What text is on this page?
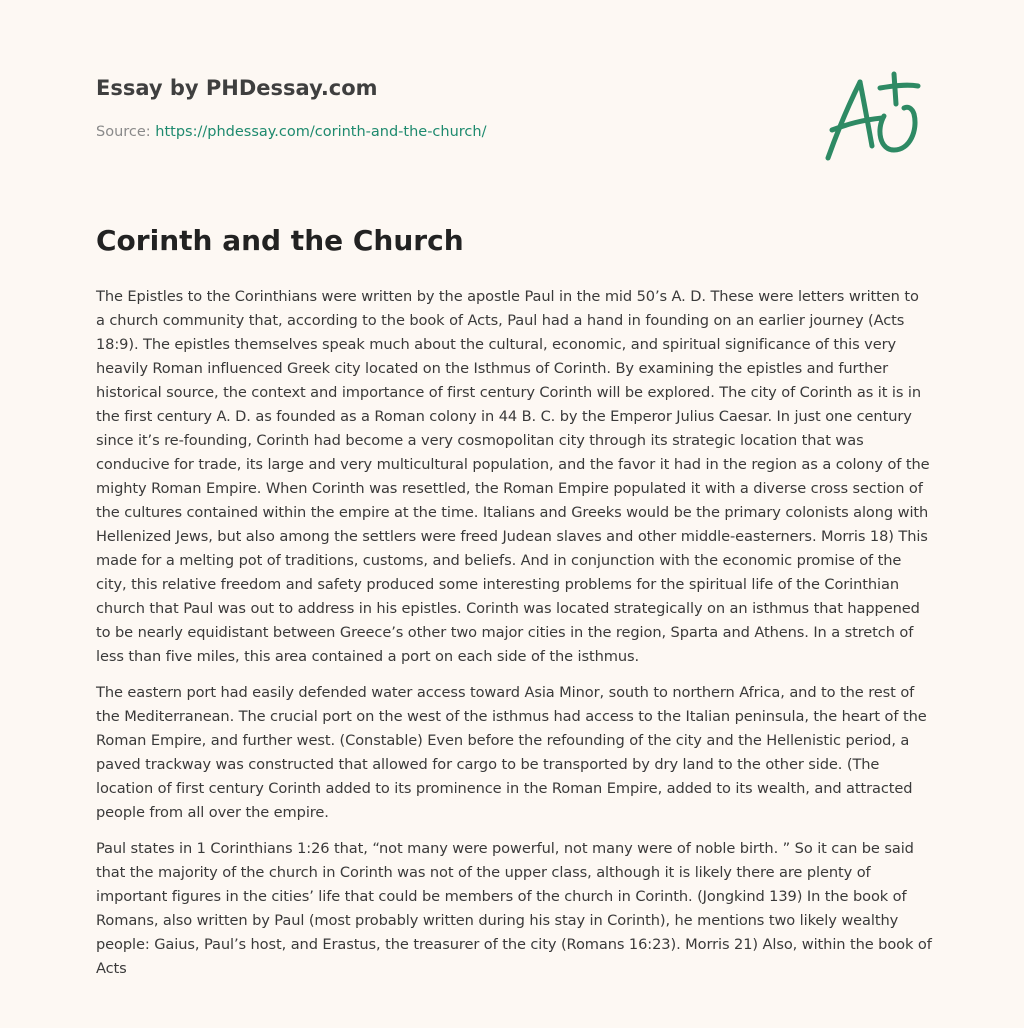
Essay by PHDessay.com
Source: https://phdessay.com/corinth-and-the-church/
Corinth and the Church

The Epistles to the Corinthians were written by the apostle Paul in the mid 50’s A. D. These were letters written to a church community that, according to the book of Acts, Paul had a hand in founding on an earlier journey (Acts 18:9). The epistles themselves speak much about the cultural, economic, and spiritual significance of this very heavily Roman influenced Greek city located on the Isthmus of Corinth. By examining the epistles and further historical source, the context and importance of first century Corinth will be explored. The city of Corinth as it is in the first century A. D. as founded as a Roman colony in 44 B. C. by the Emperor Julius Caesar. In just one century since it’s re-founding, Corinth had become a very cosmopolitan city through its strategic location that was conducive for trade, its large and very multicultural population, and the favor it had in the region as a colony of the mighty Roman Empire. When Corinth was resettled, the Roman Empire populated it with a diverse cross section of the cultures contained within the empire at the time. Italians and Greeks would be the primary colonists along with Hellenized Jews, but also among the settlers were freed Judean slaves and other middle-easterners. Morris 18) This made for a melting pot of traditions, customs, and beliefs. And in conjunction with the economic promise of the city, this relative freedom and safety produced some interesting problems for the spiritual life of the Corinthian church that Paul was out to address in his epistles. Corinth was located strategically on an isthmus that happened to be nearly equidistant between Greece’s other two major cities in the region, Sparta and Athens. In a stretch of less than five miles, this area contained a port on each side of the isthmus.

The eastern port had easily defended water access toward Asia Minor, south to northern Africa, and to the rest of the Mediterranean. The crucial port on the west of the isthmus had access to the Italian peninsula, the heart of the Roman Empire, and further west. (Constable) Even before the refounding of the city and the Hellenistic period, a paved trackway was constructed that allowed for cargo to be transported by dry land to the other side. (The location of first century Corinth added to its prominence in the Roman Empire, added to its wealth, and attracted people from all over the empire.

Paul states in 1 Corinthians 1:26 that, “not many were powerful, not many were of noble birth. ” So it can be said that the majority of the church in Corinth was not of the upper class, although it is likely there are plenty of important figures in the cities’ life that could be members of the church in Corinth. (Jongkind 139) In the book of Romans, also written by Paul (most probably written during his stay in Corinth), he mentions two likely wealthy people: Gaius, Paul’s host, and Erastus, the treasurer of the city (Romans 16:23). Morris 21) Also, within the book of Acts
